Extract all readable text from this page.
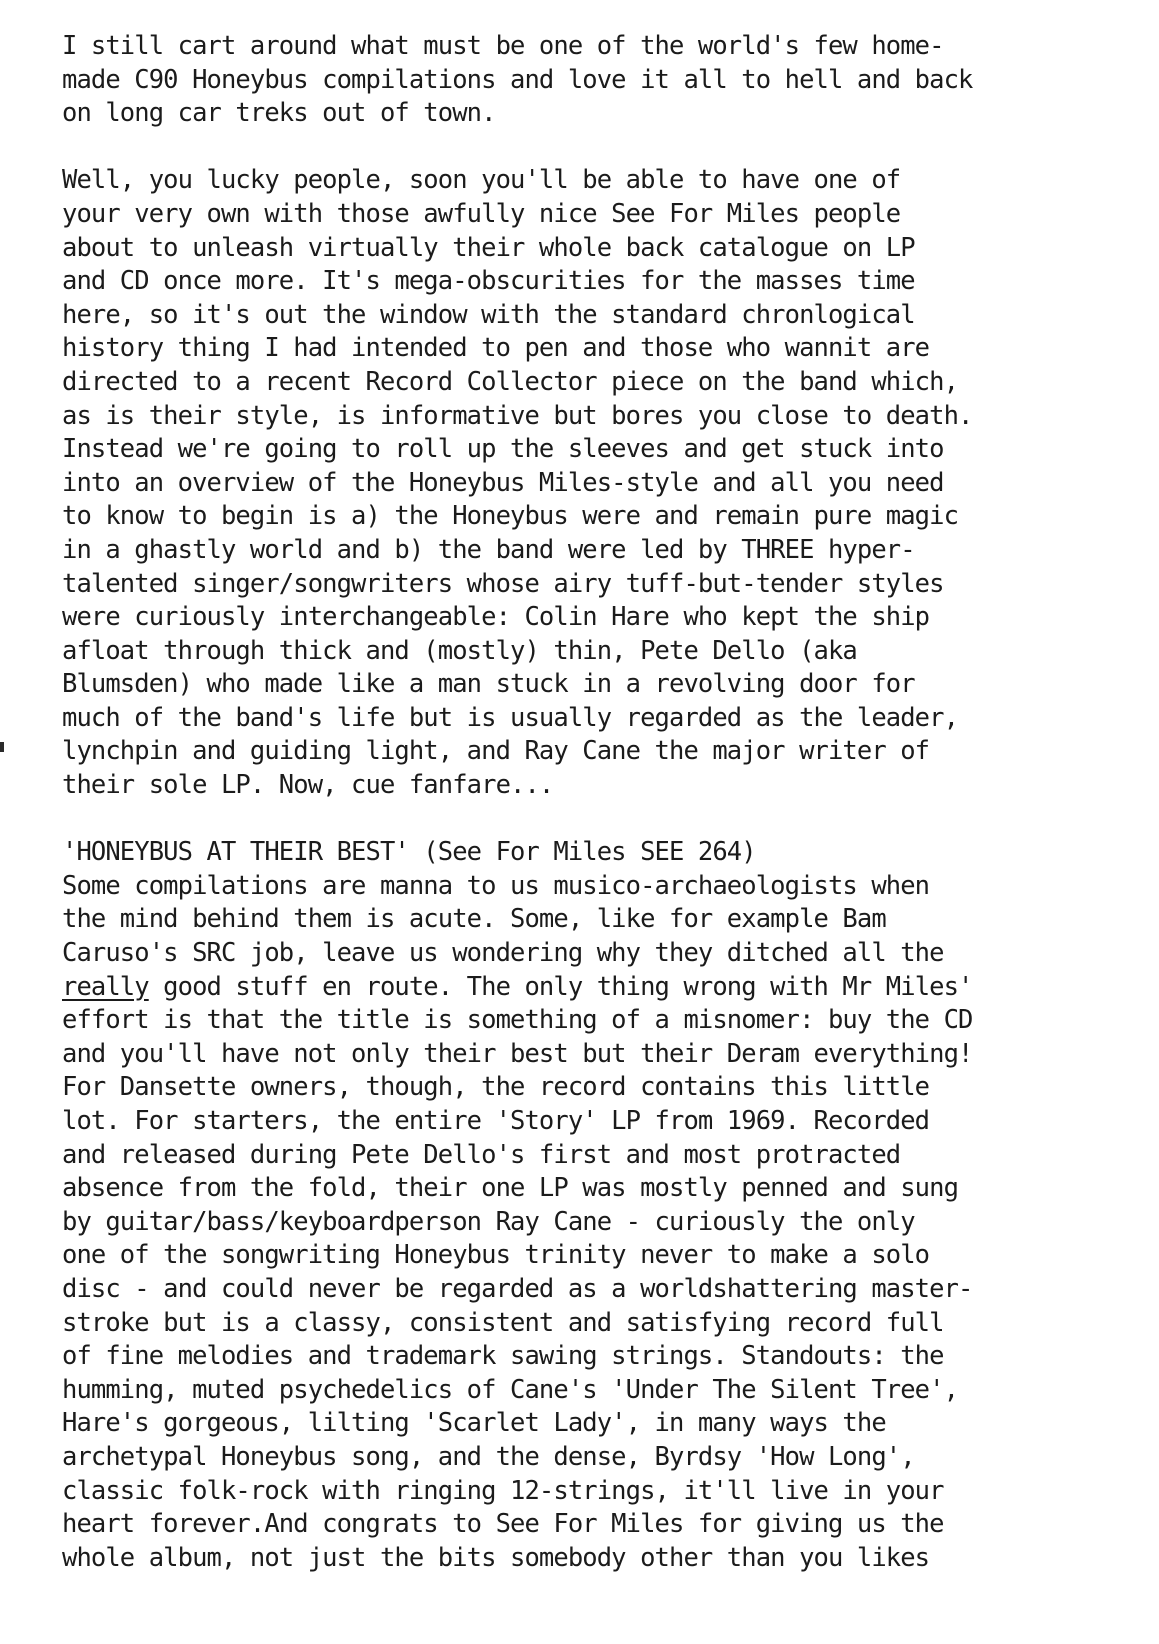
I still cart around what must be one of the world's few home-
made C90 Honeybus compilations and love it all to hell and back
on long car treks out of town.
Well, you lucky people, soon you'll be able to have one of
your very own with those awfully nice See For Miles people
about to unleash virtually their whole back catalogue on LP
and CD once more. It's mega-obscurities for the masses time
here, so it's out the window with the standard chronlogical
history thing I had intended to pen and those who wannit are
directed to a recent Record Collector piece on the band which,
as is their style, is informative but bores you close to death.
Instead we're going to roll up the sleeves and get stuck into
into an overview of the Honeybus Miles-style and all you need
to know to begin is a) the Honeybus were and remain pure magic
in a ghastly world and b) the band were led by THREE hyper-
talented singer/songwriters whose airy tuff-but-tender styles
were curiously interchangeable: Colin Hare who kept the ship
afloat through thick and (mostly) thin, Pete Dello (aka
Blumsden) who made like a man stuck in a revolving door for
much of the band's life but is usually regarded as the leader,
lynchpin and guiding light, and Ray Cane the major writer of
their sole LP. Now, cue fanfare...
'HONEYBUS AT THEIR BEST' (See For Miles SEE 264)
Some compilations are manna to us musico-archaeologists when
the mind behind them is acute. Some, like for example Bam
Caruso's SRC job, leave us wondering why they ditched all the
really good stuff en route. The only thing wrong with Mr Miles'
effort is that the title is something of a misnomer: buy the CD
and you'll have not only their best but their Deram everything!
For Dansette owners, though, the record contains this little
lot. For starters, the entire 'Story' LP from 1969. Recorded
and released during Pete Dello's first and most protracted
absence from the fold, their one LP was mostly penned and sung
by guitar/bass/keyboardperson Ray Cane - curiously the only
one of the songwriting Honeybus trinity never to make a solo
disc - and could never be regarded as a worldshattering master-
stroke but is a classy, consistent and satisfying record full
of fine melodies and trademark sawing strings. Standouts: the
humming, muted psychedelics of Cane's 'Under The Silent Tree',
Hare's gorgeous, lilting 'Scarlet Lady', in many ways the
archetypal Honeybus song, and the dense, Byrdsy 'How Long',
classic folk-rock with ringing 12-strings, it'll live in your
heart forever.And congrats to See For Miles for giving us the
whole album, not just the bits somebody other than you likes
